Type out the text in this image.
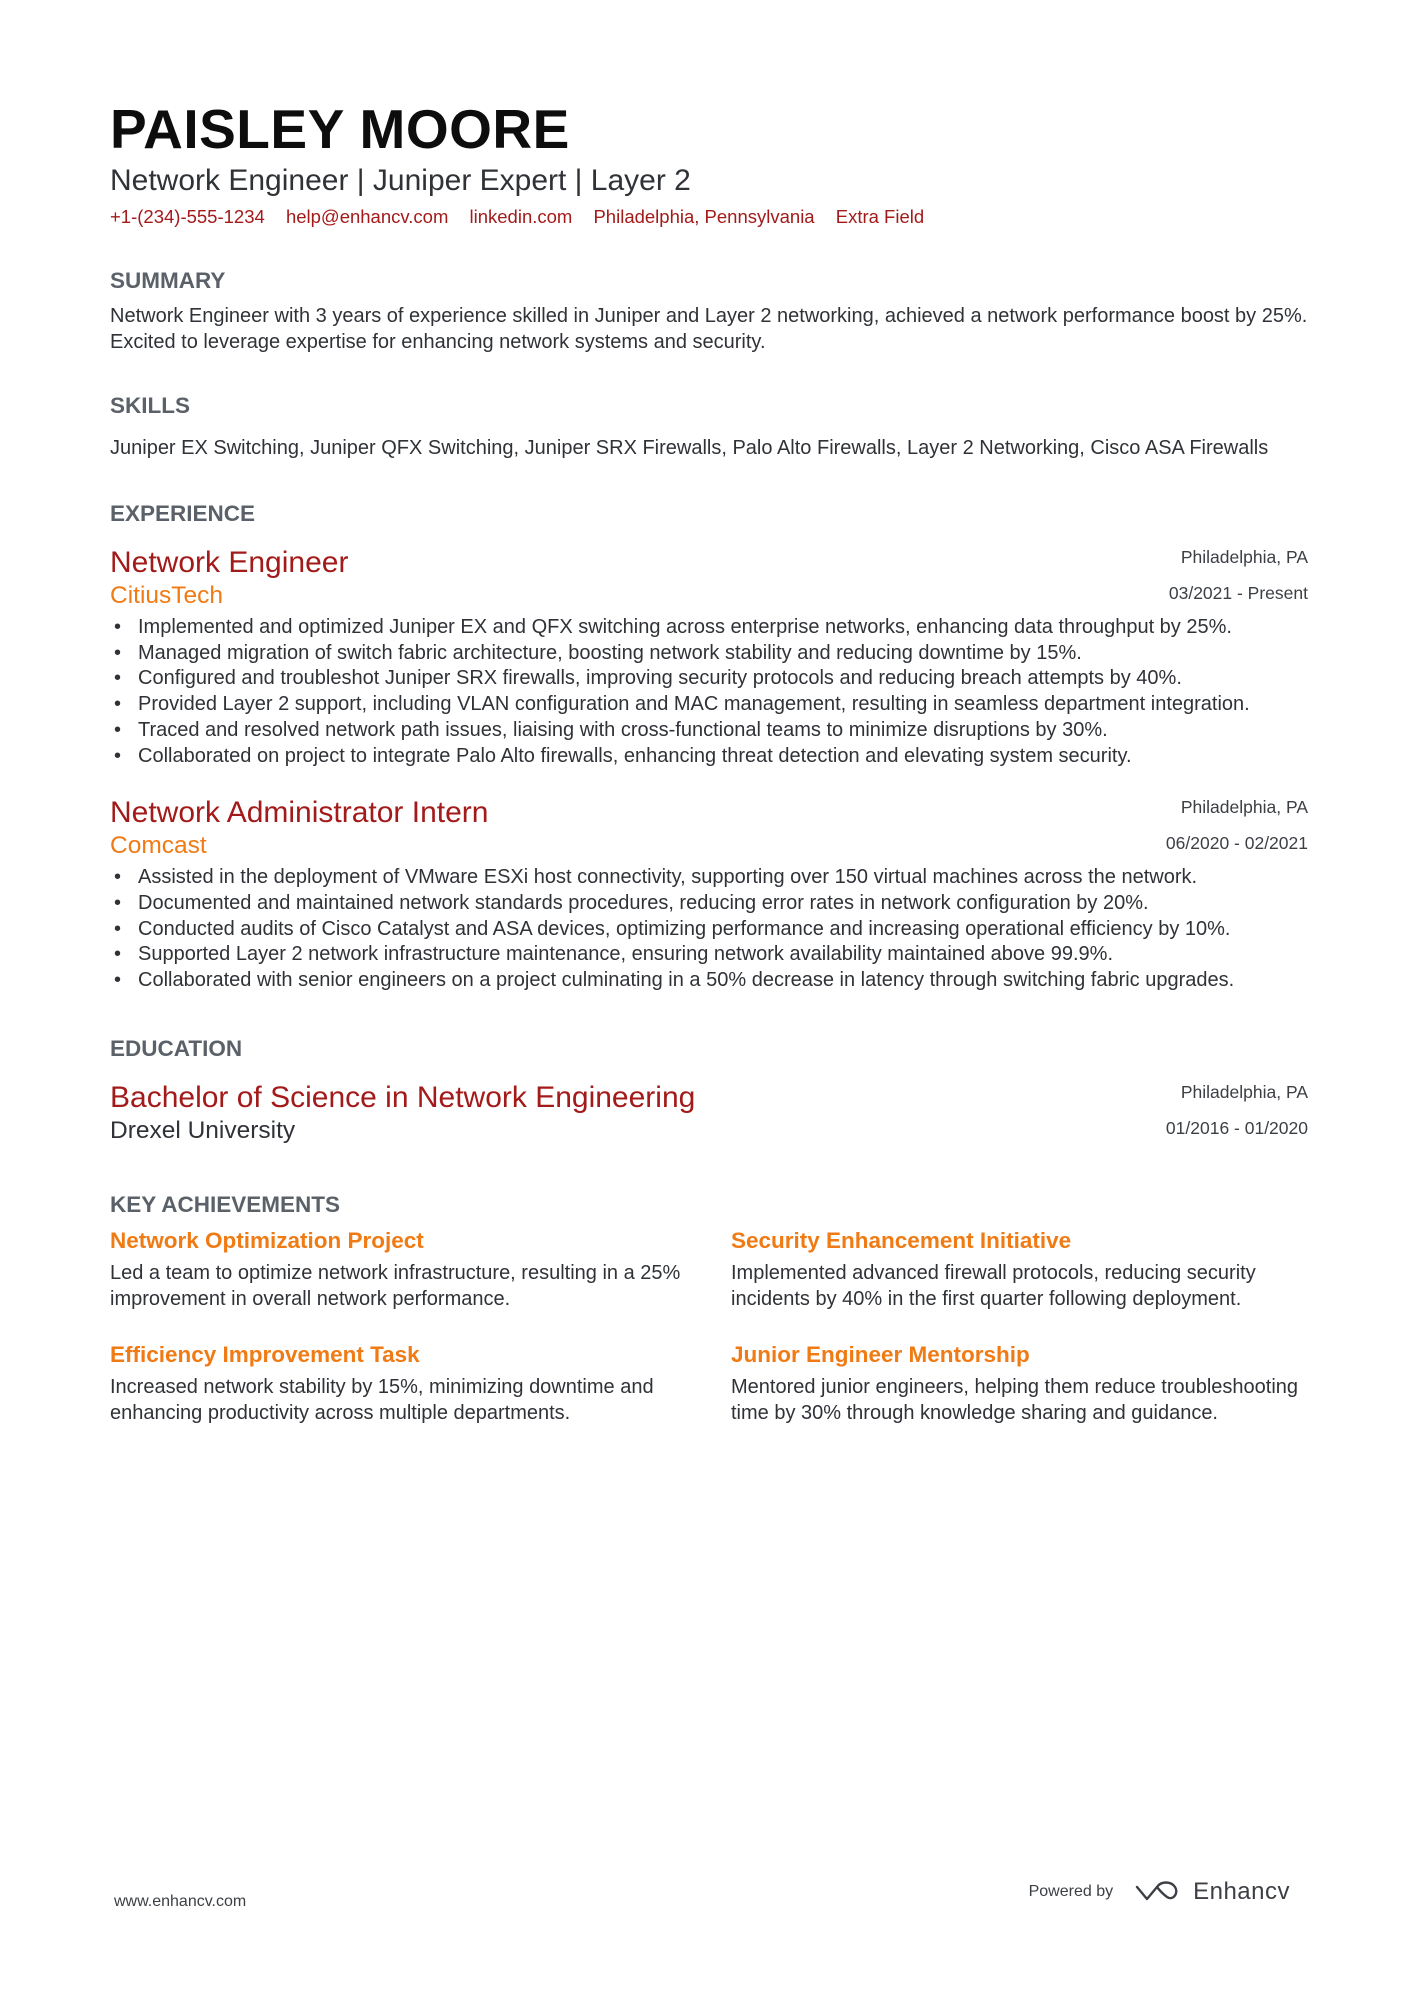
PAISLEY MOORE

Network Engineer | Juniper Expert | Layer 2

+1-(234)-555-1234 help@enhancv.com linkedin.com Philadelphia, Pennsylvania Extra Field
SUMMARY

Network Engineer with 3 years of experience skilled in Juniper and Layer 2 networking, achieved a network performance boost by 25%. Excited to leverage expertise for enhancing network systems and security.

SKILLS

Juniper EX Switching, Juniper QFX Switching, Juniper SRX Firewalls, Palo Alto Firewalls, Layer 2 Networking, Cisco ASA Firewalls

EXPERIENCE
Network Engineer
CitiusTech
Philadelphia, PA
03/2021 - Present
• Implemented and optimized Juniper EX and QFX switching across enterprise networks, enhancing data throughput by 25%.
• Managed migration of switch fabric architecture, boosting network stability and reducing downtime by 15%.
• Configured and troubleshot Juniper SRX firewalls, improving security protocols and reducing breach attempts by 40%.
• Provided Layer 2 support, including VLAN configuration and MAC management, resulting in seamless department integration.
• Traced and resolved network path issues, liaising with cross-functional teams to minimize disruptions by 30%.
• Collaborated on project to integrate Palo Alto firewalls, enhancing threat detection and elevating system security.
Network Administrator Intern
Comcast
Philadelphia, PA
06/2020 - 02/2021
• Assisted in the deployment of VMware ESXi host connectivity, supporting over 150 virtual machines across the network.
• Documented and maintained network standards procedures, reducing error rates in network configuration by 20%.
• Conducted audits of Cisco Catalyst and ASA devices, optimizing performance and increasing operational efficiency by 10%.
• Supported Layer 2 network infrastructure maintenance, ensuring network availability maintained above 99.9%.
• Collaborated with senior engineers on a project culminating in a 50% decrease in latency through switching fabric upgrades.
EDUCATION
Bachelor of Science in Network Engineering
Drexel University
Philadelphia, PA
01/2016 - 01/2020
KEY ACHIEVEMENTS

Network Optimization Project

Led a team to optimize network infrastructure, resulting in a 25% improvement in overall network performance.

Security Enhancement Initiative

Implemented advanced firewall protocols, reducing security incidents by 40% in the first quarter following deployment.

Efficiency Improvement Task

Increased network stability by 15%, minimizing downtime and enhancing productivity across multiple departments.

Junior Engineer Mentorship

Mentored junior engineers, helping them reduce troubleshooting time by 30% through knowledge sharing and guidance.

www.enhancv.com
Powered by	Enhancv
